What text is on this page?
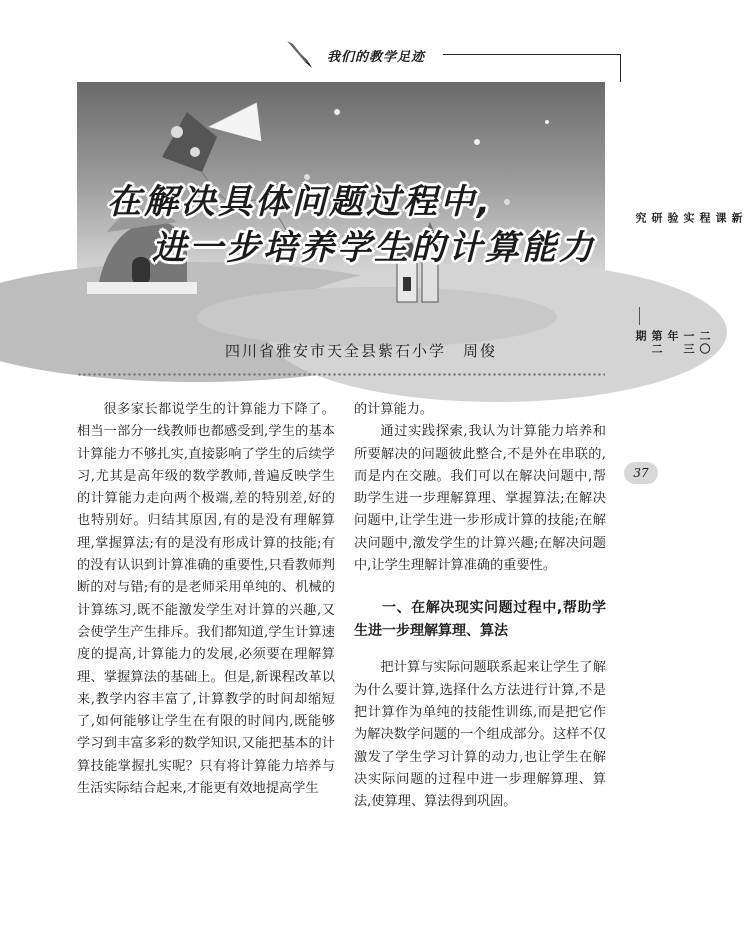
我们的教学足迹
在解决具体问题过程中,
进一步培养学生的计算能力
四川省雅安市天全县紫石小学　周俊

很多家长都说学生的计算能力下降了。相当一部分一线教师也都感受到,学生的基本计算能力不够扎实,直接影响了学生的后续学习,尤其是高年级的数学教师,普遍反映学生的计算能力走向两个极端,差的特别差,好的也特别好。归结其原因,有的是没有理解算理,掌握算法;有的是没有形成计算的技能;有的没有认识到计算准确的重要性,只看教师判断的对与错;有的是老师采用单纯的、机械的计算练习,既不能激发学生对计算的兴趣,又会使学生产生排斥。我们都知道,学生计算速度的提高,计算能力的发展,必须要在理解算理、掌握算法的基础上。但是,新课程改革以来,教学内容丰富了,计算教学的时间却缩短了,如何能够让学生在有限的时间内,既能够学习到丰富多彩的数学知识,又能把基本的计算技能掌握扎实呢？只有将计算能力培养与生活实际结合起来,才能更有效地提高学生

的计算能力。

通过实践探索,我认为计算能力培养和所要解决的问题彼此整合,不是外在串联的,而是内在交融。我们可以在解决问题中,帮助学生进一步理解算理、掌握算法;在解决问题中,让学生进一步形成计算的技能;在解决问题中,激发学生的计算兴趣;在解决问题中,让学生理解计算准确的重要性。

一、在解决现实问题过程中,帮助学生进一步理解算理、算法

把计算与实际问题联系起来让学生了解为什么要计算,选择什么方法进行计算,不是把计算作为单纯的技能性训练,而是把它作为解决数学问题的一个组成部分。这样不仅激发了学生学习计算的动力,也让学生在解决实际问题的过程中进一步理解算理、算法,使算理、算法得到巩固。

新课程实验研究
二〇一三年　第二期
37
